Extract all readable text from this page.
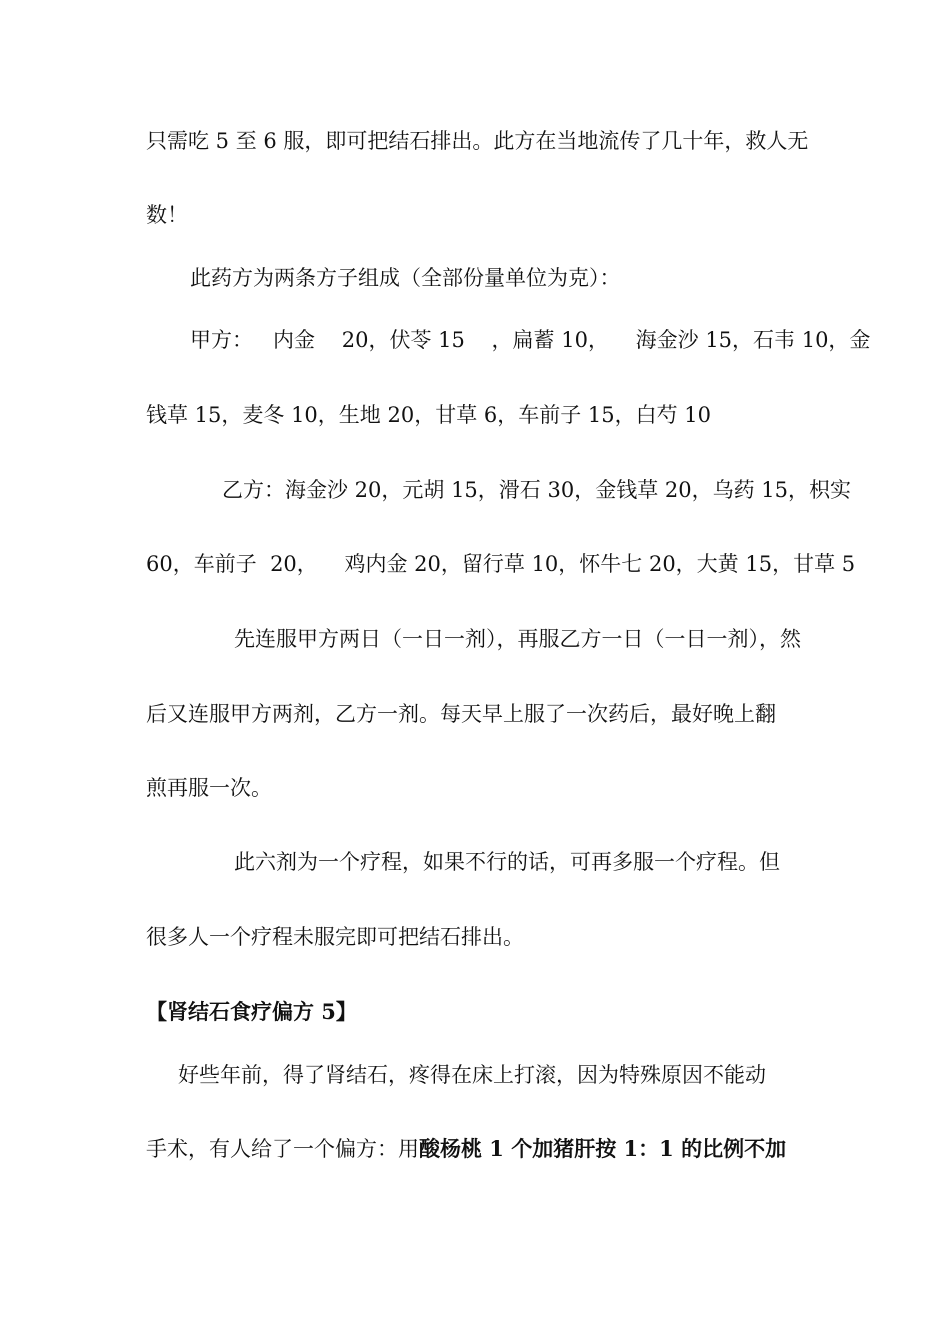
只需吃 5 至 6 服，即可把结石排出。此方在当地流传了几十年，救人无
数！
此药方为两条方子组成（全部份量单位为克）：
甲方：   内金    20，伏苓 15    ，扁蓄 10，    海金沙 15，石韦 10，金
钱草 15，麦冬 10，生地 20，甘草 6，车前子 15，白芍 10
乙方：海金沙 20，元胡 15，滑石 30，金钱草 20，乌药 15，枳实
60，车前子  20，    鸡内金 20，留行草 10，怀牛七 20，大黄 15，甘草 5
先连服甲方两日（一日一剂），再服乙方一日（一日一剂），然
后又连服甲方两剂，乙方一剂。每天早上服了一次药后，最好晚上翻
煎再服一次。
此六剂为一个疗程，如果不行的话，可再多服一个疗程。但
很多人一个疗程未服完即可把结石排出。
【肾结石食疗偏方 5】
好些年前，得了肾结石，疼得在床上打滚，因为特殊原因不能动
手术，有人给了一个偏方：用酸杨桃 1 个加猪肝按 1：1 的比例不加
